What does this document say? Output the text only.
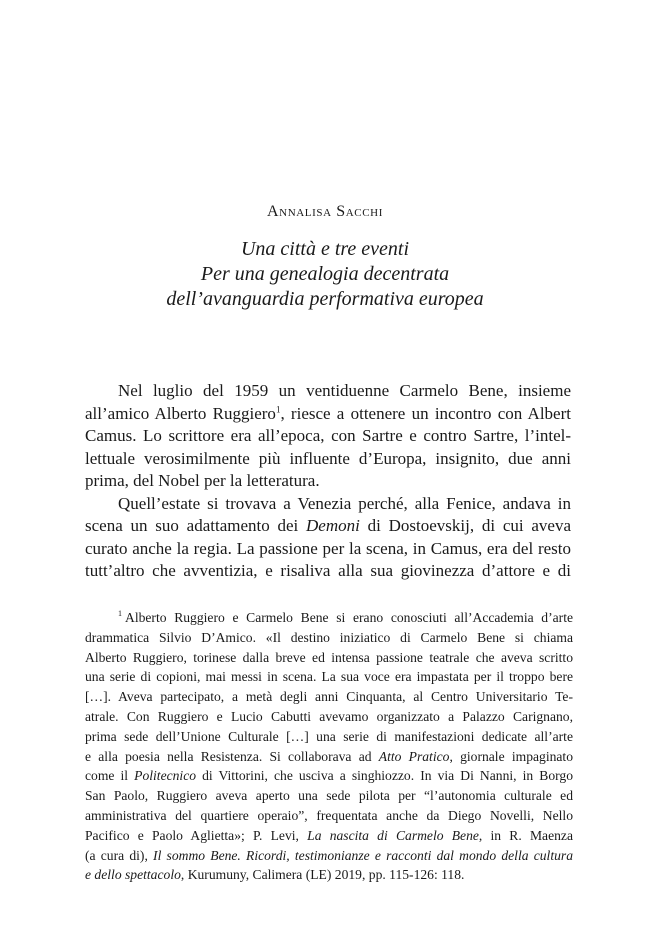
Annalisa Sacchi
Una città e tre eventi
Per una genealogia decentrata
dell’avanguardia performativa europea

Nel luglio del 1959 un ventiduenne Carmelo Bene, insieme
all’amico Alberto Ruggiero$^1$, riesce a ottenere un incontro con Albert
Camus. Lo scrittore era all’epoca, con Sartre e contro Sartre, l’intel-
lettuale verosimilmente più influente d’Europa, insignito, due anni
prima, del Nobel per la letteratura.

Quell’estate si trovava a Venezia perché, alla Fenice, andava in
scena un suo adattamento dei Demoni di Dostoevskij, di cui aveva
curato anche la regia. La passione per la scena, in Camus, era del resto
tutt’altro che avventizia, e risaliva alla sua giovinezza d’attore e di

$^1$ Alberto Ruggiero e Carmelo Bene si erano conosciuti all’Accademia d’arte
drammatica Silvio D’Amico. «Il destino iniziatico di Carmelo Bene si chiama
Alberto Ruggiero, torinese dalla breve ed intensa passione teatrale che aveva scritto
una serie di copioni, mai messi in scena. La sua voce era impastata per il troppo bere
[…]. Aveva partecipato, a metà degli anni Cinquanta, al Centro Universitario Te-
atrale. Con Ruggiero e Lucio Cabutti avevamo organizzato a Palazzo Carignano,
prima sede dell’Unione Culturale […] una serie di manifestazioni dedicate all’arte
e alla poesia nella Resistenza. Si collaborava ad Atto Pratico, giornale impaginato
come il Politecnico di Vittorini, che usciva a singhiozzo. In via Di Nanni, in Borgo
San Paolo, Ruggiero aveva aperto una sede pilota per “l’autonomia culturale ed
amministrativa del quartiere operaio”, frequentata anche da Diego Novelli, Nello
Pacifico e Paolo Aglietta»; P. Levi, La nascita di Carmelo Bene, in R. Maenza
(a cura di), Il sommo Bene. Ricordi, testimonianze e racconti dal mondo della cultura
e dello spettacolo, Kurumuny, Calimera (LE) 2019, pp. 115-126: 118.
